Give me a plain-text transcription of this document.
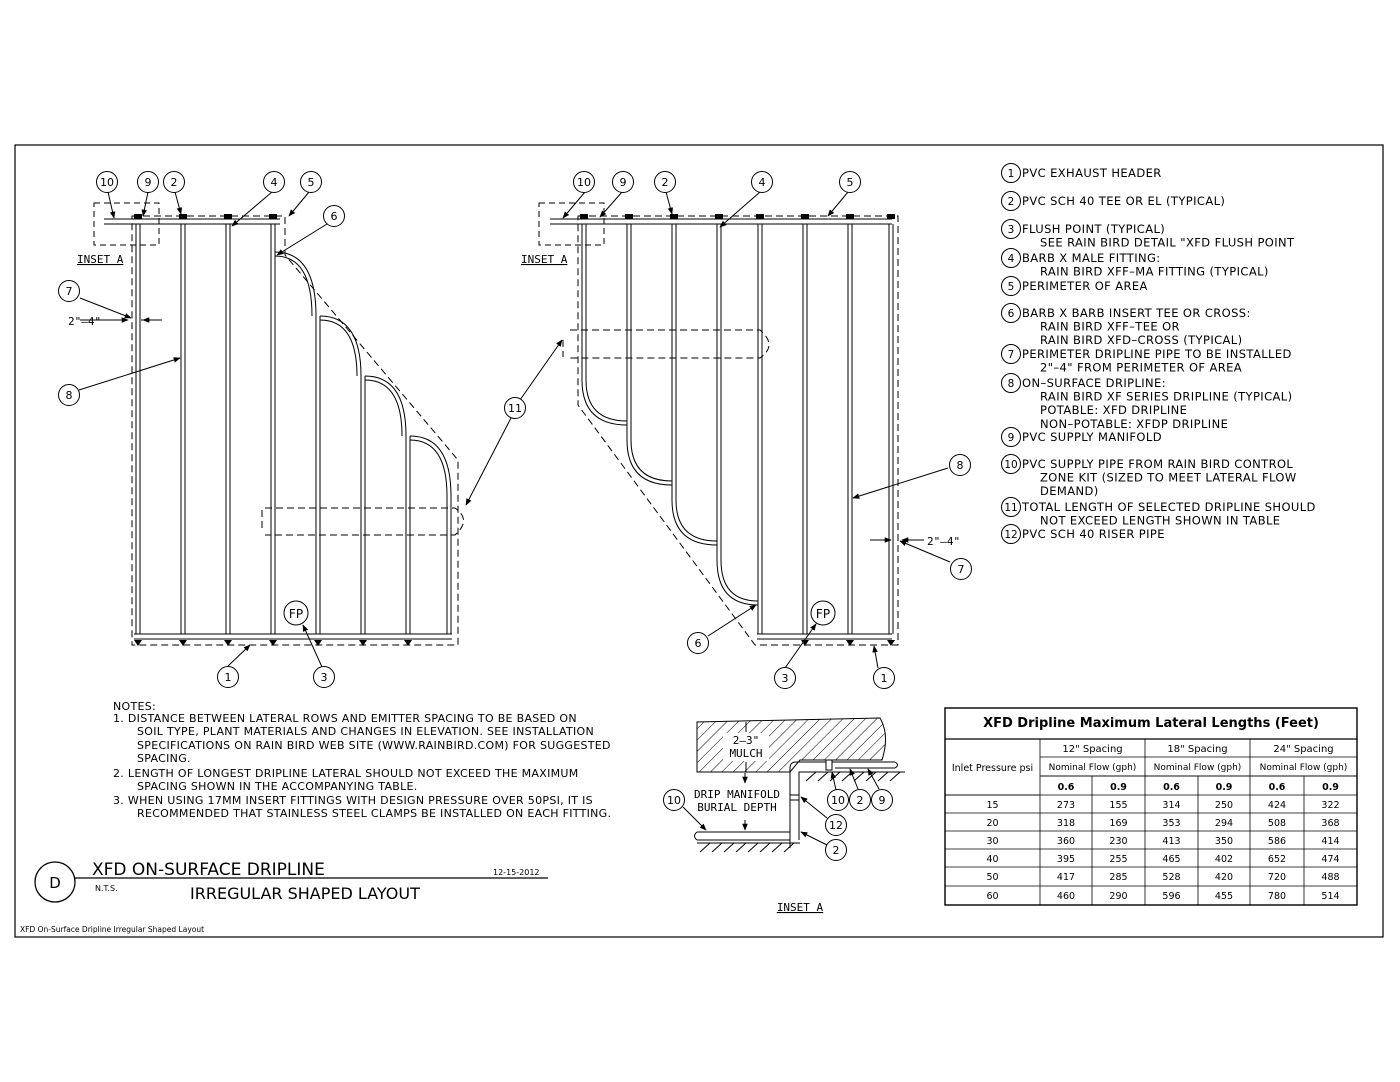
INSET A
2"–4"
INSET A
2"–4"
10	9 2	4	5
6
7
8
1	3
FP
10	9	2	4	5
8
7
6
3	1
FP
11
1 PVC EXHAUST HEADER
2 PVC SCH 40 TEE OR EL (TYPICAL)
3 FLUSH POINT (TYPICAL)
SEE RAIN BIRD DETAIL "XFD FLUSH POINT
4 BARB X MALE FITTING:
RAIN BIRD XFF–MA FITTING (TYPICAL)
5 PERIMETER OF AREA
6 BARB X BARB INSERT TEE OR CROSS:
RAIN BIRD XFF–TEE OR
RAIN BIRD XFD–CROSS (TYPICAL)
7 PERIMETER DRIPLINE PIPE TO BE INSTALLED
2"–4" FROM PERIMETER OF AREA
8 ON–SURFACE DRIPLINE:
RAIN BIRD XF SERIES DRIPLINE (TYPICAL)
POTABLE: XFD DRIPLINE
NON–POTABLE: XFDP DRIPLINE
9 PVC SUPPLY MANIFOLD
10 PVC SUPPLY PIPE FROM RAIN BIRD CONTROL
ZONE KIT (SIZED TO MEET LATERAL FLOW
DEMAND)
11 TOTAL LENGTH OF SELECTED DRIPLINE SHOULD
NOT EXCEED LENGTH SHOWN IN TABLE
12 PVC SCH 40 RISER PIPE
NOTES:
1. DISTANCE BETWEEN LATERAL ROWS AND EMITTER SPACING TO BE BASED ON
SOIL TYPE, PLANT MATERIALS AND CHANGES IN ELEVATION. SEE INSTALLATION
SPECIFICATIONS ON RAIN BIRD WEB SITE (WWW.RAINBIRD.COM) FOR SUGGESTED
SPACING.
2. LENGTH OF LONGEST DRIPLINE LATERAL SHOULD NOT EXCEED THE MAXIMUM
SPACING SHOWN IN THE ACCOMPANYING TABLE.
3. WHEN USING 17MM INSERT FITTINGS WITH DESIGN PRESSURE OVER 50PSI, IT IS
RECOMMENDED THAT STAINLESS STEEL CLAMPS BE INSTALLED ON EACH FITTING.
2–3"
MULCH
DRIP MANIFOLD
BURIAL DEPTH
10	10 2 9
12
2
INSET A
D
XFD ON-SURFACE DRIPLINE	12-15-2012
N.T.S.	IRREGULAR SHAPED LAYOUT
XFD On-Surface Dripline Irregular Shaped Layout
XFD Dripline Maximum Lateral Lengths (Feet)
Inlet Pressure psi
12" Spacing
Nominal Flow (gph)
18" Spacing
Nominal Flow (gph)
24" Spacing
Nominal Flow (gph)
0.6	0.9	0.6	0.9	0.6	0.9
15	273	155	314	250	424	322
20	318	169	353	294	508	368
30	360	230	413	350	586	414
40	395	255	465	402	652	474
50	417	285	528	420	720	488
60	460	290	596	455	780	514
